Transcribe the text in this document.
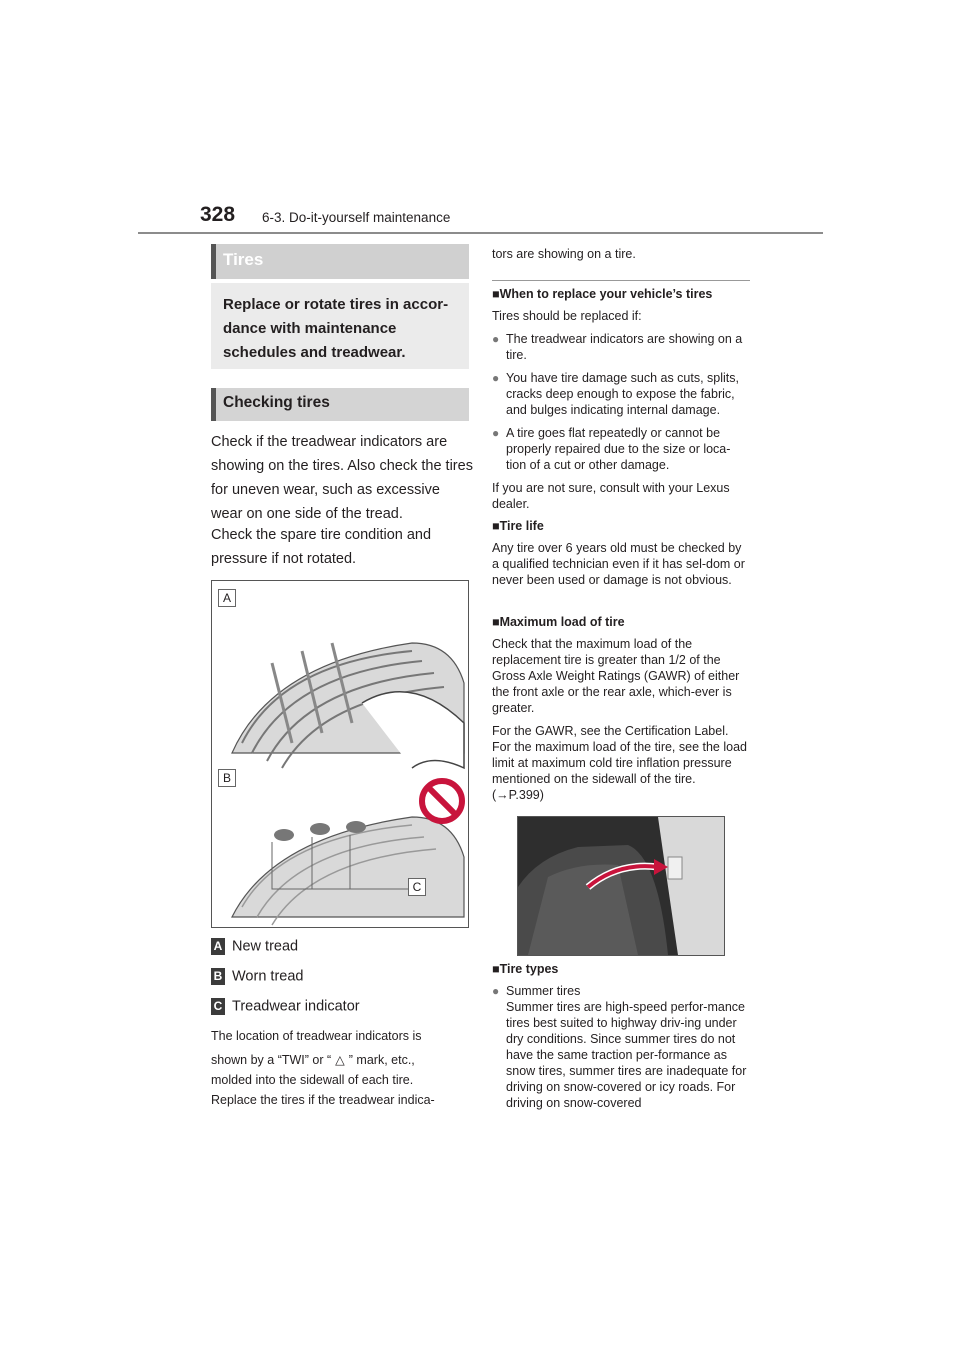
328 6-3. Do-it-yourself maintenance
Tires
Replace or rotate tires in accor-dance with maintenance schedules and treadwear.
Checking tires
Check if the treadwear indicators are showing on the tires. Also check the tires for uneven wear, such as excessive wear on one side of the tread.
Check the spare tire condition and pressure if not rotated.
A
B
C
A New tread
B Worn tread
C Treadwear indicator
The location of treadwear indicators is
shown by a “TWI” or “ △ ” mark, etc.,
molded into the sidewall of each tire.
Replace the tires if the treadwear indica-
tors are showing on a tire.
■When to replace your vehicle’s tires
Tires should be replaced if:
● The treadwear indicators are showing on a tire.
● You have tire damage such as cuts, splits, cracks deep enough to expose the fabric, and bulges indicating internal damage.
● A tire goes flat repeatedly or cannot be properly repaired due to the size or loca-tion of a cut or other damage.
If you are not sure, consult with your Lexus dealer.
■Tire life
Any tire over 6 years old must be checked by a qualified technician even if it has sel-dom or never been used or damage is not obvious.
■Maximum load of tire
Check that the maximum load of the replacement tire is greater than 1/2 of the Gross Axle Weight Ratings (GAWR) of either the front axle or the rear axle, which-ever is greater.
For the GAWR, see the Certification Label. For the maximum load of the tire, see the load limit at maximum cold tire inflation pressure mentioned on the sidewall of the tire. (→P.399)
■Tire types
● Summer tires
Summer tires are high-speed perfor-mance tires best suited to highway driv-ing under dry conditions. Since summer tires do not have the same traction per-formance as snow tires, summer tires are inadequate for driving on snow-covered or icy roads. For driving on snow-covered
